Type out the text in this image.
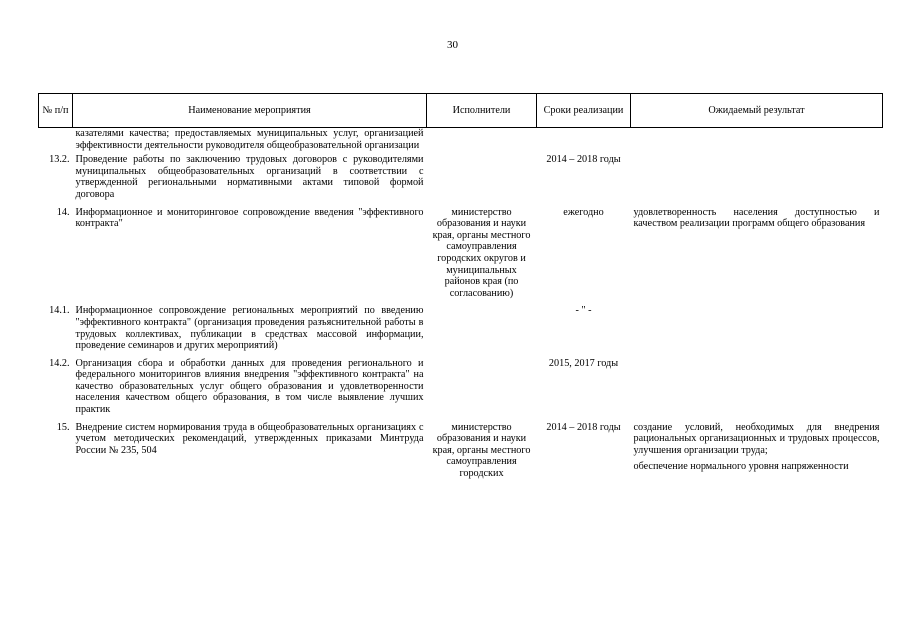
30
№ п/п	Наименование мероприятия	Исполнители	Сроки реализации	Ожидаемый результат
	казателями качества; предоставляемых муниципальных услуг, организацией эффективности деятельности руководителя общеобразовательной организации			
13.2.	Проведение работы по заключению трудовых договоров с руководителями муниципальных общеобразовательных организаций в соответствии с утвержденной региональными нормативными актами типовой формой договора		2014 – 2018 годы	
14.	Информационное и мониторинговое сопровождение введения "эффективного контракта"	министерство образования и науки края, органы местного самоуправления городских округов и муниципальных районов края (по согласованию)	ежегодно	удовлетворенность населения доступностью и качеством реализации программ общего образования
14.1.	Информационное сопровождение региональных мероприятий по введению "эффективного контракта" (организация проведения разъяснительной работы в трудовых коллективах, публикации в средствах массовой информации, проведение семинаров и других мероприятий)		- " -	
14.2.	Организация сбора и обработки данных для проведения регионального и федерального мониторингов влияния внедрения "эффективного контракта" на качество образовательных услуг общего образования и удовлетворенности населения качеством общего образования, в том числе выявление лучших практик		2015, 2017 годы	
15.	Внедрение систем нормирования труда в общеобразовательных организациях с учетом методических рекомендаций, утвержденных приказами Минтруда России № 235, 504	министерство образования и науки края, органы местного самоуправления городских	2014 – 2018 годы	создание условий, необходимых для внедрения рациональных организационных и трудовых процессов, улучшения организации труда;
обеспечение нормального уровня напряженности
